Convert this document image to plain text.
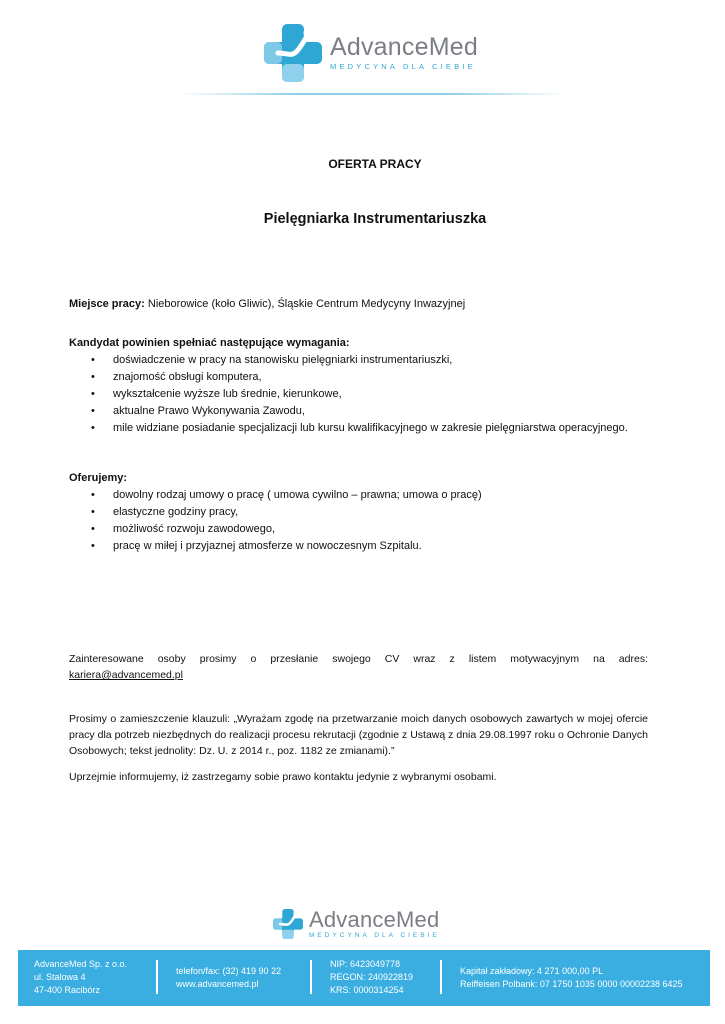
AdvanceMed
MEDYCYNA DLA CIEBIE
OFERTA PRACY
Pielęgniarka Instrumentariuszka
Miejsce pracy: Nieborowice (koło Gliwic), Śląskie Centrum Medycyny Inwazyjnej
Kandydat powinien spełniać następujące wymagania:
• doświadczenie w pracy na stanowisku pielęgniarki instrumentariuszki,
• znajomość obsługi komputera,
• wykształcenie wyższe lub średnie, kierunkowe,
• aktualne Prawo Wykonywania Zawodu,
• mile widziane posiadanie specjalizacji lub kursu kwalifikacyjnego w zakresie pielęgniarstwa operacyjnego.
Oferujemy:
• dowolny rodzaj umowy o pracę ( umowa cywilno – prawna; umowa o pracę)
• elastyczne godziny pracy,
• możliwość rozwoju zawodowego,
• pracę w miłej i przyjaznej atmosferze w nowoczesnym Szpitalu.
Zainteresowane osoby prosimy o przesłanie swojego CV wraz z listem motywacyjnym na adres:
kariera@advancemed.pl
Prosimy o zamieszczenie klauzuli: „Wyrażam zgodę na przetwarzanie moich danych osobowych zawartych w mojej ofercie pracy dla potrzeb niezbędnych do realizacji procesu rekrutacji (zgodnie z Ustawą z dnia 29.08.1997 roku o Ochronie Danych Osobowych; tekst jednolity: Dz. U. z 2014 r., poz. 1182 ze zmianami).”
Uprzejmie informujemy, iż zastrzegamy sobie prawo kontaktu jedynie z wybranymi osobami.
AdvanceMed
MEDYCYNA DLA CIEBIE
AdvanceMed Sp. z o.o.
ul. Stalowa 4
47-400 Racibórz
telefon/fax: (32) 419 90 22
www.advancemed.pl
NIP: 6423049778
REGON: 240922819
KRS: 0000314254
Kapitał zakładowy: 4 271 000,00 PL
Reiffeisen Polbank: 07 1750 1035 0000 00002238 6425
